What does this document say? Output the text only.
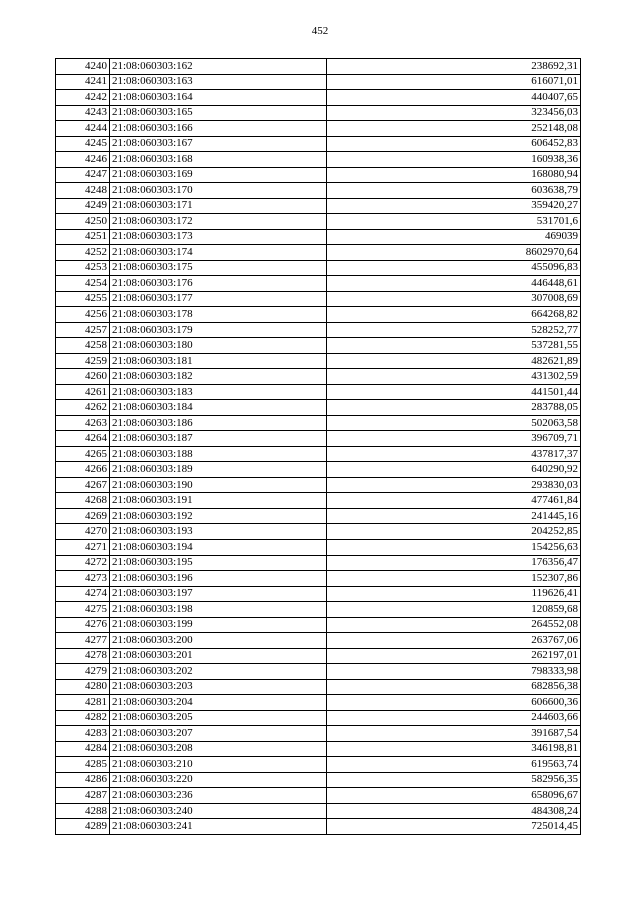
452
4240	21:08:060303:162	238692,31
4241	21:08:060303:163	616071,01
4242	21:08:060303:164	440407,65
4243	21:08:060303:165	323456,03
4244	21:08:060303:166	252148,08
4245	21:08:060303:167	606452,83
4246	21:08:060303:168	160938,36
4247	21:08:060303:169	168080,94
4248	21:08:060303:170	603638,79
4249	21:08:060303:171	359420,27
4250	21:08:060303:172	531701,6
4251	21:08:060303:173	469039
4252	21:08:060303:174	8602970,64
4253	21:08:060303:175	455096,83
4254	21:08:060303:176	446448,61
4255	21:08:060303:177	307008,69
4256	21:08:060303:178	664268,82
4257	21:08:060303:179	528252,77
4258	21:08:060303:180	537281,55
4259	21:08:060303:181	482621,89
4260	21:08:060303:182	431302,59
4261	21:08:060303:183	441501,44
4262	21:08:060303:184	283788,05
4263	21:08:060303:186	502063,58
4264	21:08:060303:187	396709,71
4265	21:08:060303:188	437817,37
4266	21:08:060303:189	640290,92
4267	21:08:060303:190	293830,03
4268	21:08:060303:191	477461,84
4269	21:08:060303:192	241445,16
4270	21:08:060303:193	204252,85
4271	21:08:060303:194	154256,63
4272	21:08:060303:195	176356,47
4273	21:08:060303:196	152307,86
4274	21:08:060303:197	119626,41
4275	21:08:060303:198	120859,68
4276	21:08:060303:199	264552,08
4277	21:08:060303:200	263767,06
4278	21:08:060303:201	262197,01
4279	21:08:060303:202	798333,98
4280	21:08:060303:203	682856,38
4281	21:08:060303:204	606600,36
4282	21:08:060303:205	244603,66
4283	21:08:060303:207	391687,54
4284	21:08:060303:208	346198,81
4285	21:08:060303:210	619563,74
4286	21:08:060303:220	582956,35
4287	21:08:060303:236	658096,67
4288	21:08:060303:240	484308,24
4289	21:08:060303:241	725014,45
